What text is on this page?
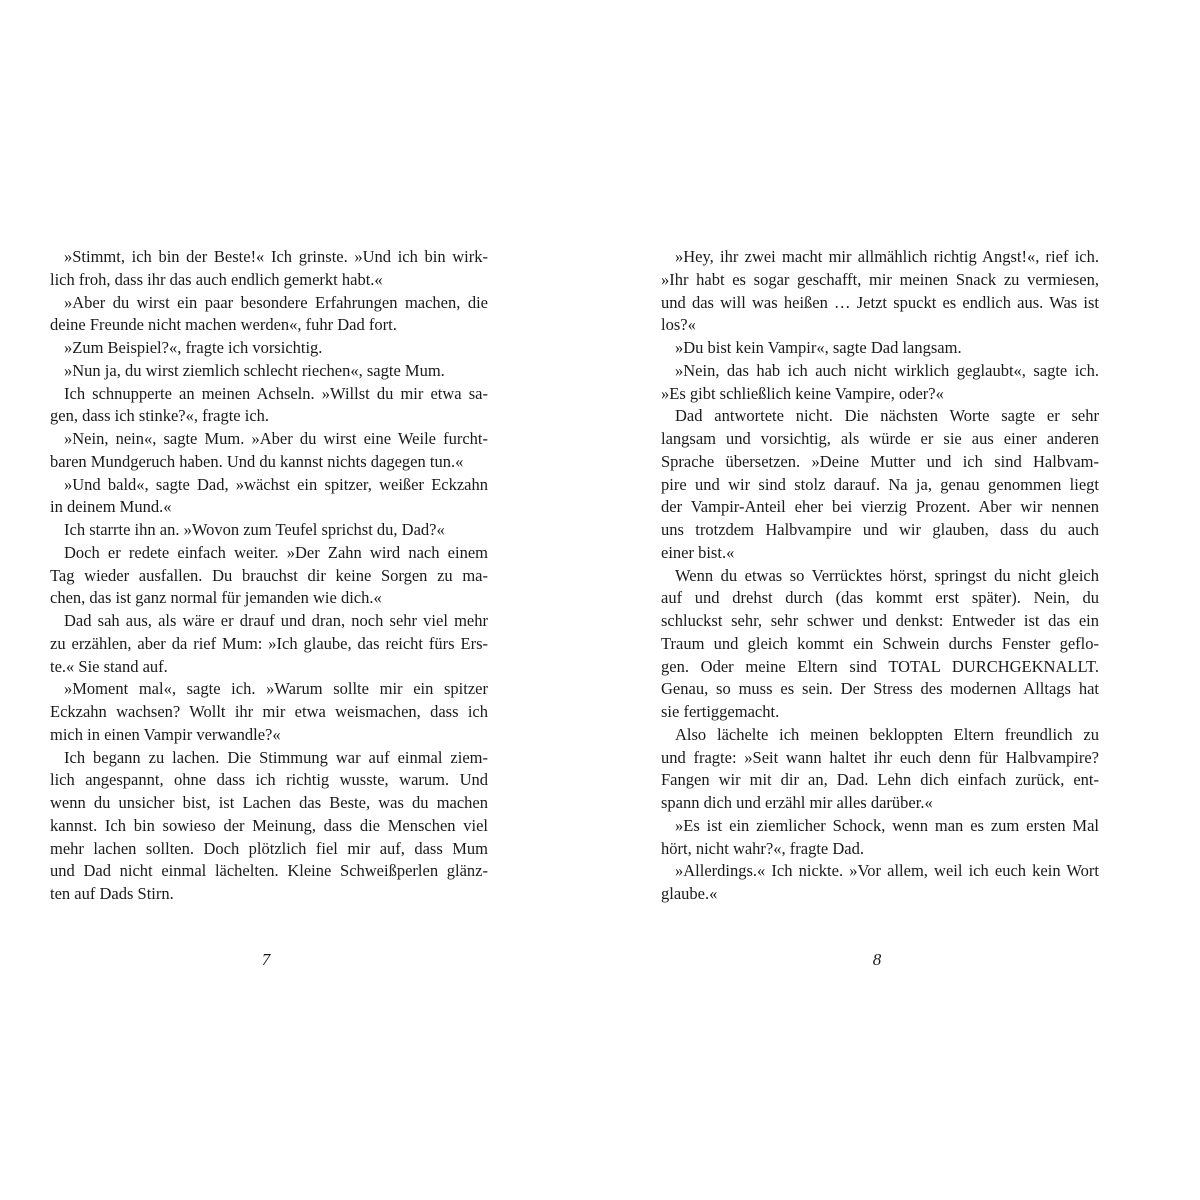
»Stimmt, ich bin der Beste!« Ich grinste. »Und ich bin wirk-
lich froh, dass ihr das auch endlich gemerkt habt.«
»Aber du wirst ein paar besondere Erfahrungen machen, die
deine Freunde nicht machen werden«, fuhr Dad fort.
»Zum Beispiel?«, fragte ich vorsichtig.
»Nun ja, du wirst ziemlich schlecht riechen«, sagte Mum.
Ich schnupperte an meinen Achseln. »Willst du mir etwa sa-
gen, dass ich stinke?«, fragte ich.
»Nein, nein«, sagte Mum. »Aber du wirst eine Weile furcht-
baren Mundgeruch haben. Und du kannst nichts dagegen tun.«
»Und bald«, sagte Dad, »wächst ein spitzer, weißer Eckzahn
in deinem Mund.«
Ich starrte ihn an. »Wovon zum Teufel sprichst du, Dad?«
Doch er redete einfach weiter. »Der Zahn wird nach einem
Tag wieder ausfallen. Du brauchst dir keine Sorgen zu ma-
chen, das ist ganz normal für jemanden wie dich.«
Dad sah aus, als wäre er drauf und dran, noch sehr viel mehr
zu erzählen, aber da rief Mum: »Ich glaube, das reicht fürs Ers-
te.« Sie stand auf.
»Moment mal«, sagte ich. »Warum sollte mir ein spitzer
Eckzahn wachsen? Wollt ihr mir etwa weismachen, dass ich
mich in einen Vampir verwandle?«
Ich begann zu lachen. Die Stimmung war auf einmal ziem-
lich angespannt, ohne dass ich richtig wusste, warum. Und
wenn du unsicher bist, ist Lachen das Beste, was du machen
kannst. Ich bin sowieso der Meinung, dass die Menschen viel
mehr lachen sollten. Doch plötzlich fiel mir auf, dass Mum
und Dad nicht einmal lächelten. Kleine Schweißperlen glänz-
ten auf Dads Stirn.
»Hey, ihr zwei macht mir allmählich richtig Angst!«, rief ich.
»Ihr habt es sogar geschafft, mir meinen Snack zu vermiesen,
und das will was heißen … Jetzt spuckt es endlich aus. Was ist
los?«
»Du bist kein Vampir«, sagte Dad langsam.
»Nein, das hab ich auch nicht wirklich geglaubt«, sagte ich.
»Es gibt schließlich keine Vampire, oder?«
Dad antwortete nicht. Die nächsten Worte sagte er sehr
langsam und vorsichtig, als würde er sie aus einer anderen
Sprache übersetzen. »Deine Mutter und ich sind Halbvam-
pire und wir sind stolz darauf. Na ja, genau genommen liegt
der Vampir-Anteil eher bei vierzig Prozent. Aber wir nennen
uns trotzdem Halbvampire und wir glauben, dass du auch
einer bist.«
Wenn du etwas so Verrücktes hörst, springst du nicht gleich
auf und drehst durch (das kommt erst später). Nein, du
schluckst sehr, sehr schwer und denkst: Entweder ist das ein
Traum und gleich kommt ein Schwein durchs Fenster geflo-
gen. Oder meine Eltern sind TOTAL DURCHGEKNALLT.
Genau, so muss es sein. Der Stress des modernen Alltags hat
sie fertiggemacht.
Also lächelte ich meinen bekloppten Eltern freundlich zu
und fragte: »Seit wann haltet ihr euch denn für Halbvampire?
Fangen wir mit dir an, Dad. Lehn dich einfach zurück, ent-
spann dich und erzähl mir alles darüber.«
»Es ist ein ziemlicher Schock, wenn man es zum ersten Mal
hört, nicht wahr?«, fragte Dad.
»Allerdings.« Ich nickte. »Vor allem, weil ich euch kein Wort
glaube.«
7	8
